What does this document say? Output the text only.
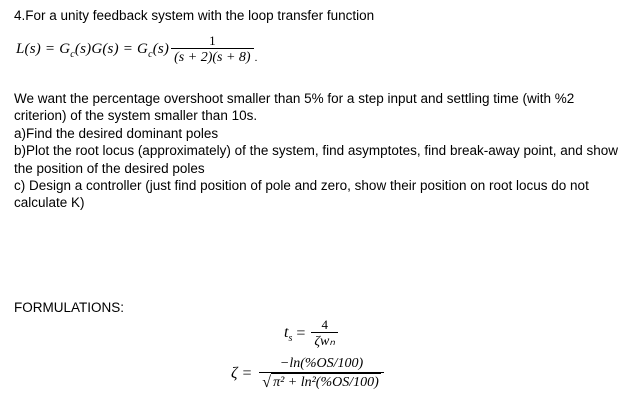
4.For a unity feedback system with the loop transfer function
$L(s) = G_c(s)G(s) = G_c(s) \frac{1}{(s + 2)(s + 8)}$ .

We want the percentage overshoot smaller than 5% for a step input and settling time (with %2 criterion) of the system smaller than 10s.

a)Find the desired dominant poles

b)Plot the root locus (approximately) of the system, find asymptotes, find break-away point, and show the position of the desired poles

c) Design a controller (just find position of pole and zero, show their position on root locus do not calculate K)

FORMULATIONS:
$t_s = \frac{4}{\text{ζwₙ}}$
$\zeta = \frac{-\ln(\%OS/100)}{\text{√ π² + ln²(\%OS/100)}}$
